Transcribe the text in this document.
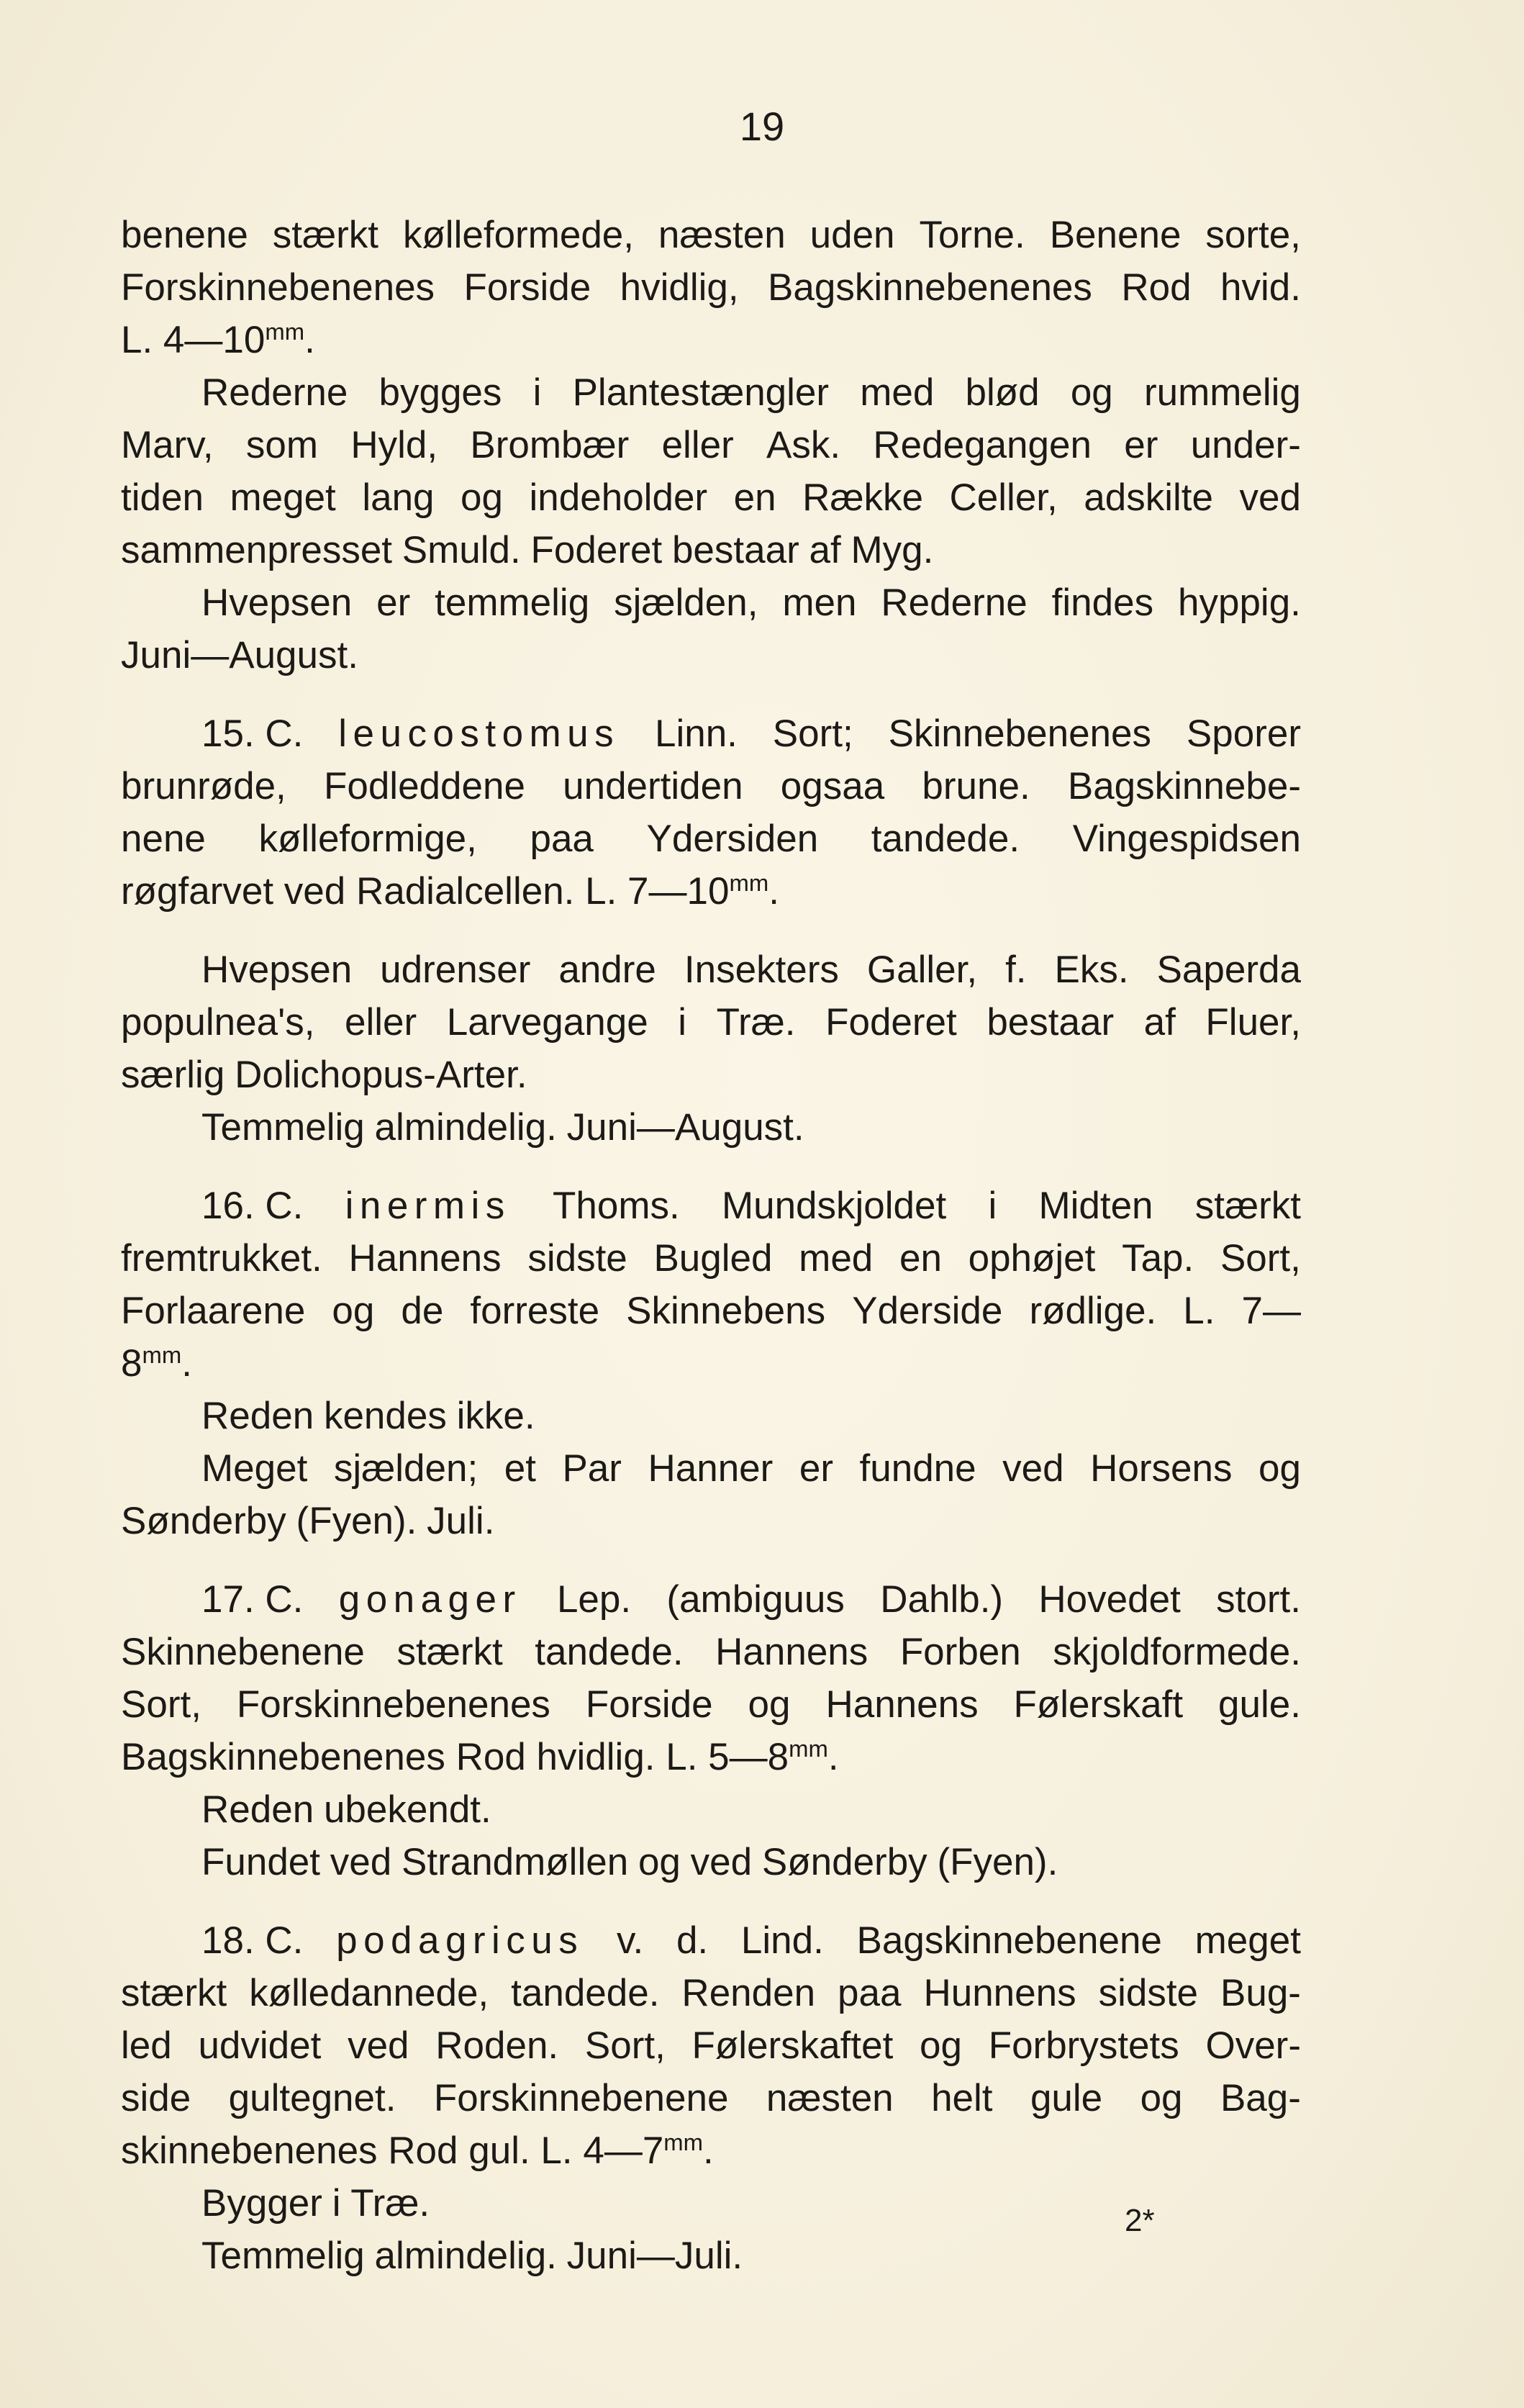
19
benene stærkt kølleformede, næsten uden Torne. Benene sorte,
Forskinnebenenes Forside hvidlig, Bagskinnebenenes Rod hvid.
L. $4—10^{mm}$.
Rederne bygges i Plantestængler med blød og rummelig
Marv, som Hyld, Brombær eller Ask. Redegangen er under-
tiden meget lang og indeholder en Række Celler, adskilte ved
sammenpresset Smuld. Foderet bestaar af Myg.
Hvepsen er temmelig sjælden, men Rederne findes hyppig.
Juni—August.
15. C. leucostomus Linn. Sort; Skinnebenenes Sporer
brunrøde, Fodleddene undertiden ogsaa brune. Bagskinnebe-
nene kølleformige, paa Ydersiden tandede. Vingespidsen
røgfarvet ved Radialcellen. L. $7—10^{mm}$.
Hvepsen udrenser andre Insekters Galler, f. Eks. Saperda
populnea's, eller Larvegange i Træ. Foderet bestaar af Fluer,
særlig Dolichopus-Arter.
Temmelig almindelig. Juni—August.
16. C. inermis Thoms. Mundskjoldet i Midten stærkt
fremtrukket. Hannens sidste Bugled med en ophøjet Tap. Sort,
Forlaarene og de forreste Skinnebens Yderside rødlige. L. 7—
$8^{mm}$.
Reden kendes ikke.
Meget sjælden; et Par Hanner er fundne ved Horsens og
Sønderby (Fyen). Juli.
17. C. gonager Lep. (ambiguus Dahlb.) Hovedet stort.
Skinnebenene stærkt tandede. Hannens Forben skjoldformede.
Sort, Forskinnebenenes Forside og Hannens Følerskaft gule.
Bagskinnebenenes Rod hvidlig. L. $5—8^{mm}$.
Reden ubekendt.
Fundet ved Strandmøllen og ved Sønderby (Fyen).
18. C. podagricus v. d. Lind. Bagskinnebenene meget
stærkt kølledannede, tandede. Renden paa Hunnens sidste Bug-
led udvidet ved Roden. Sort, Følerskaftet og Forbrystets Over-
side gultegnet. Forskinnebenene næsten helt gule og Bag-
skinnebenenes Rod gul. L. $4—7^{mm}$.
Bygger i Træ.
Temmelig almindelig. Juni—Juli.
2*
